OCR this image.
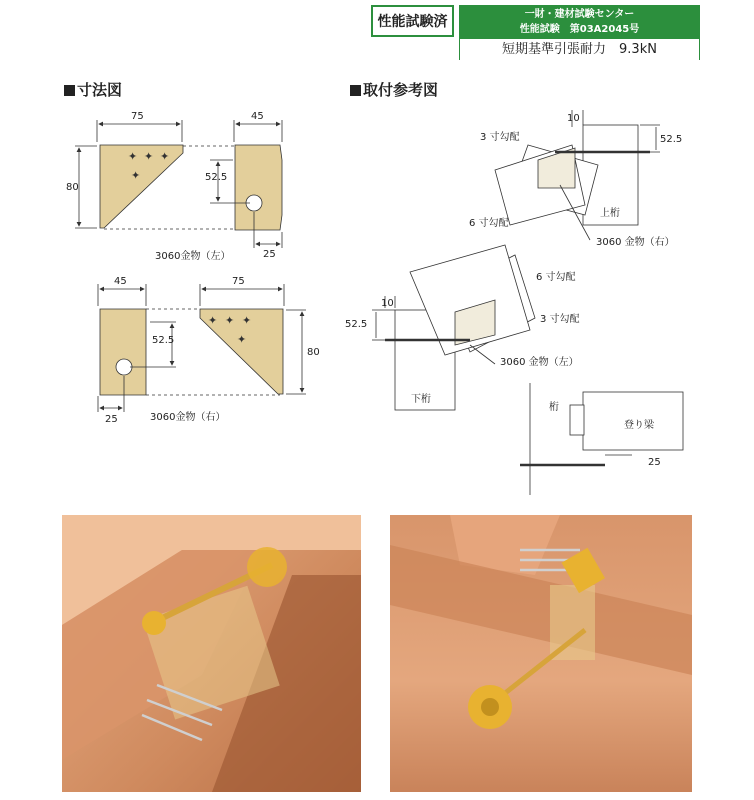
性能試験済	一財・建材試験センター
性能試験　第03A2045号
短期基準引張耐力　9.3kN
寸法図	取付参考図
✦ ✦ ✦
✦
✦ ✦ ✦
✦
75	45
80
52.5
25
3060金物（左）
45	75
52.5
80
25	3060金物（右）
10
3 寸勾配	52.5
6 寸勾配
上桁
3060 金物（右）
6 寸勾配
10
3 寸勾配
52.5
3060 金物（左）
下桁
桁
登り梁
25
